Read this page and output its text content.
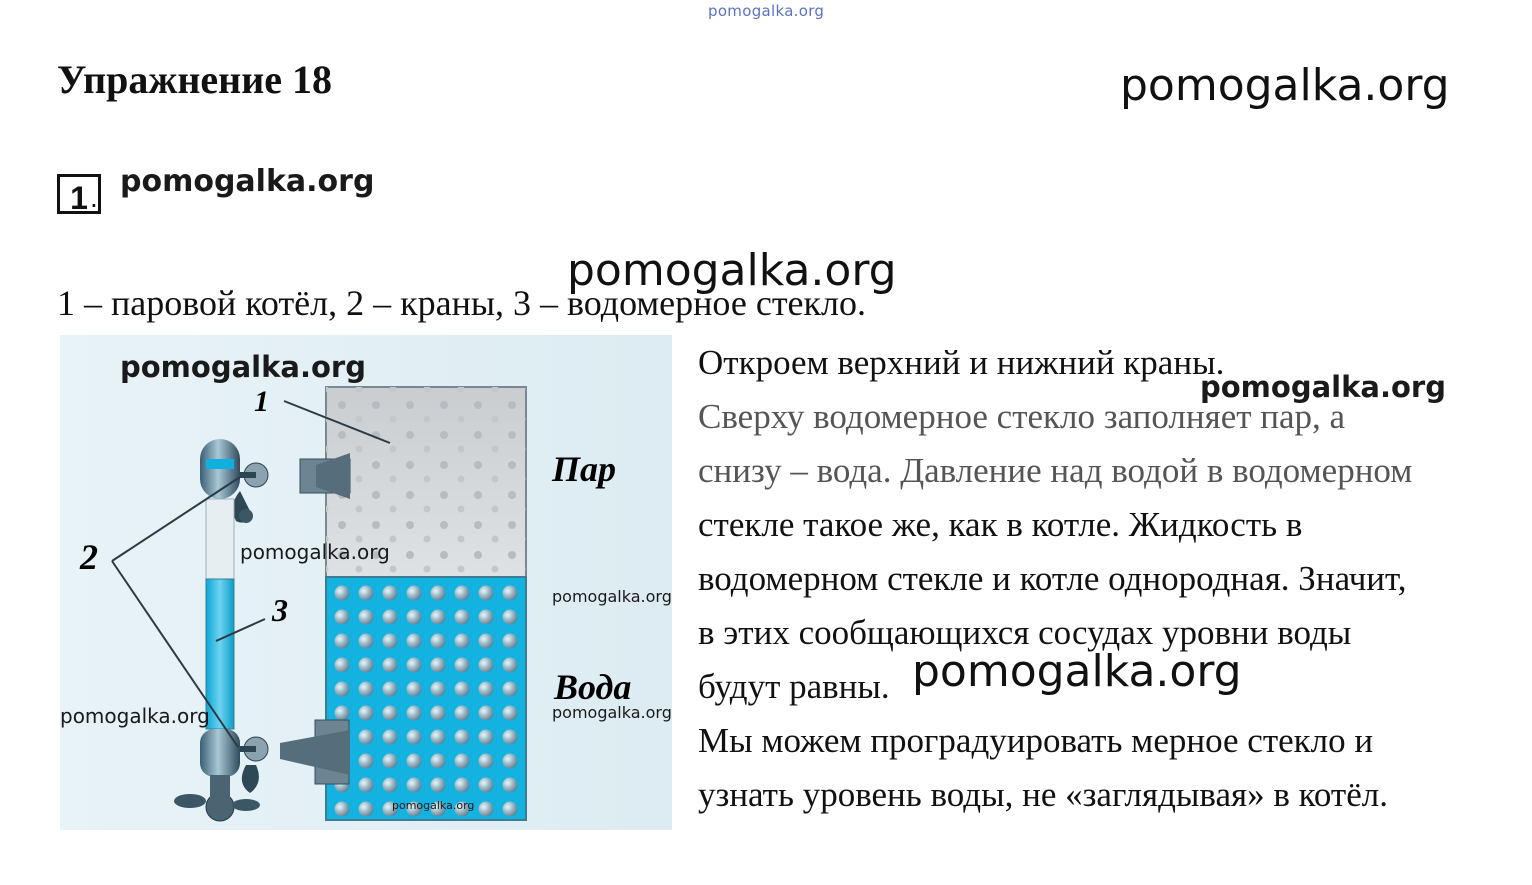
pomogalka.org
Упражнение 18	pomogalka.org
1 . pomogalka.org
pomogalka.org
1 – паровой котёл, 2 – краны, 3 – водомерное стекло.
1
2
3
Пар
Вода
pomogalka.org
pomogalka.org
pomogalka.org
pomogalka.org
pomogalka.org
pomogalka.org

Откроем верхний и нижний краны.

Сверху водомерное стекло заполняет пар, а

снизу – вода. Давление над водой в водомерном

стекле такое же, как в котле. Жидкость в

водомерном стекле и котле однородная. Значит,

в этих сообщающихся сосудах уровни воды

будут равны.

Мы можем проградуировать мерное стекло и

узнать уровень воды, не «заглядывая» в котёл.

pomogalka.org
pomogalka.org
